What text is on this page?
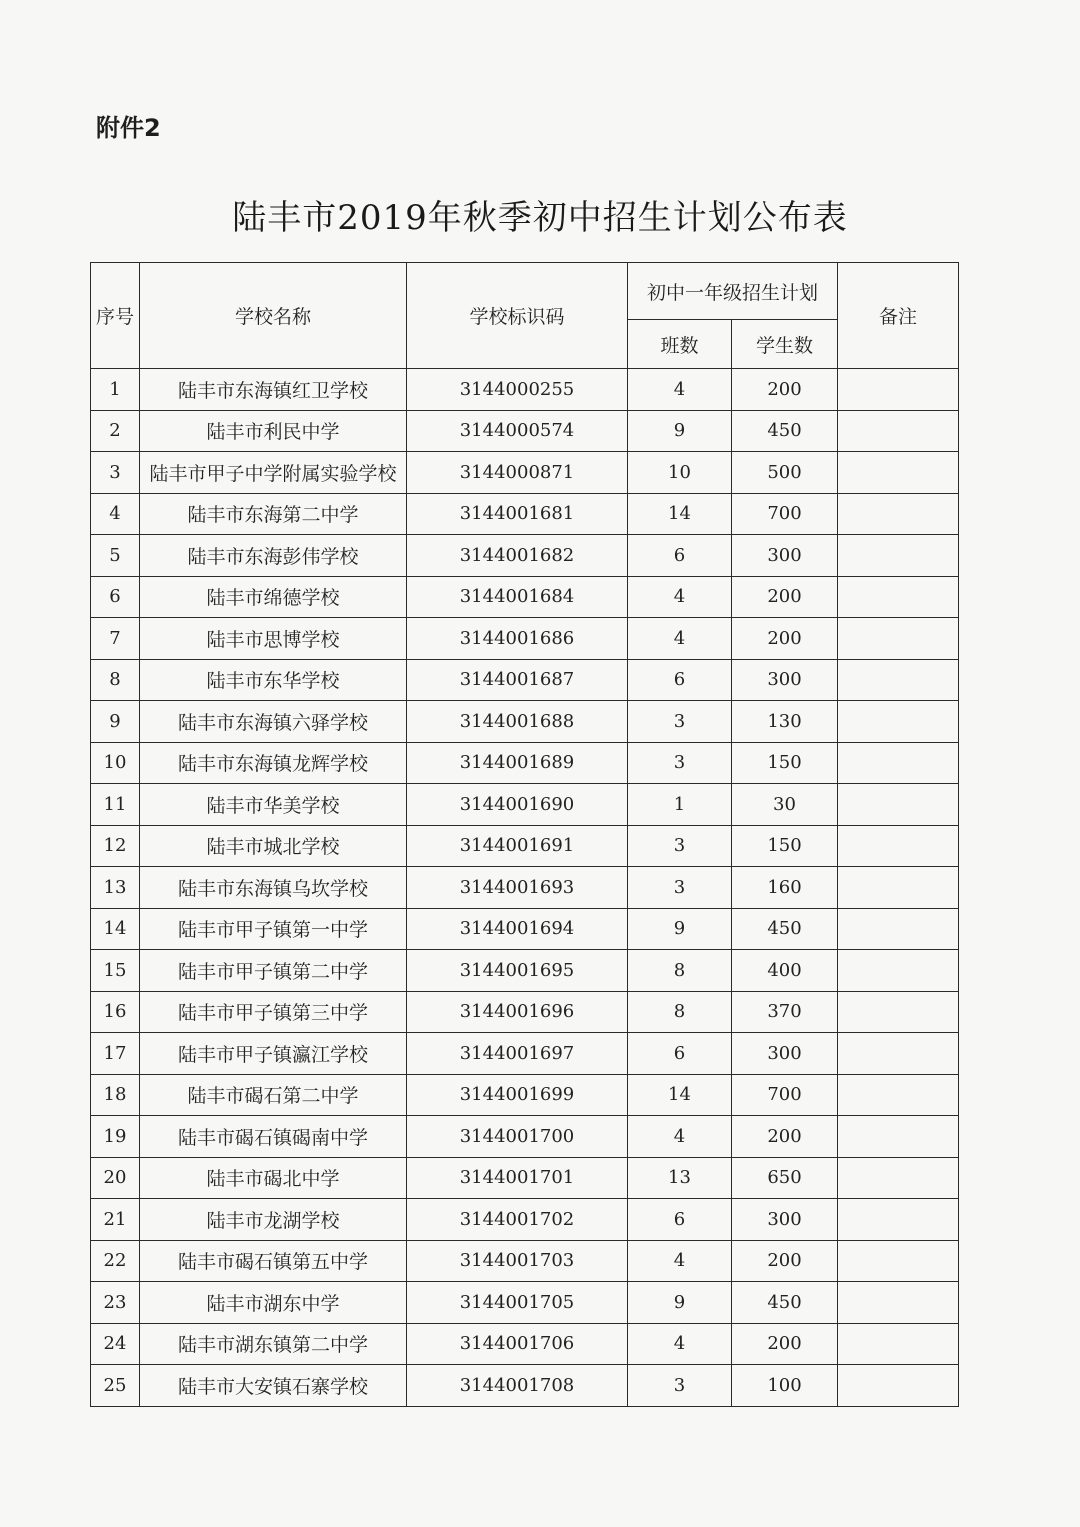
附件2
陆丰市2019年秋季初中招生计划公布表
序号	学校名称	学校标识码	初中一年级招生计划		备注
			班数	学生数	
1	陆丰市东海镇红卫学校	3144000255	4	200	
2	陆丰市利民中学	3144000574	9	450	
3	陆丰市甲子中学附属实验学校	3144000871	10	500	
4	陆丰市东海第二中学	3144001681	14	700	
5	陆丰市东海彭伟学校	3144001682	6	300	
6	陆丰市绵德学校	3144001684	4	200	
7	陆丰市思博学校	3144001686	4	200	
8	陆丰市东华学校	3144001687	6	300	
9	陆丰市东海镇六驿学校	3144001688	3	130	
10	陆丰市东海镇龙辉学校	3144001689	3	150	
11	陆丰市华美学校	3144001690	1	30	
12	陆丰市城北学校	3144001691	3	150	
13	陆丰市东海镇乌坎学校	3144001693	3	160	
14	陆丰市甲子镇第一中学	3144001694	9	450	
15	陆丰市甲子镇第二中学	3144001695	8	400	
16	陆丰市甲子镇第三中学	3144001696	8	370	
17	陆丰市甲子镇瀛江学校	3144001697	6	300	
18	陆丰市碣石第二中学	3144001699	14	700	
19	陆丰市碣石镇碣南中学	3144001700	4	200	
20	陆丰市碣北中学	3144001701	13	650	
21	陆丰市龙湖学校	3144001702	6	300	
22	陆丰市碣石镇第五中学	3144001703	4	200	
23	陆丰市湖东中学	3144001705	9	450	
24	陆丰市湖东镇第二中学	3144001706	4	200	
25	陆丰市大安镇石寨学校	3144001708	3	100	
